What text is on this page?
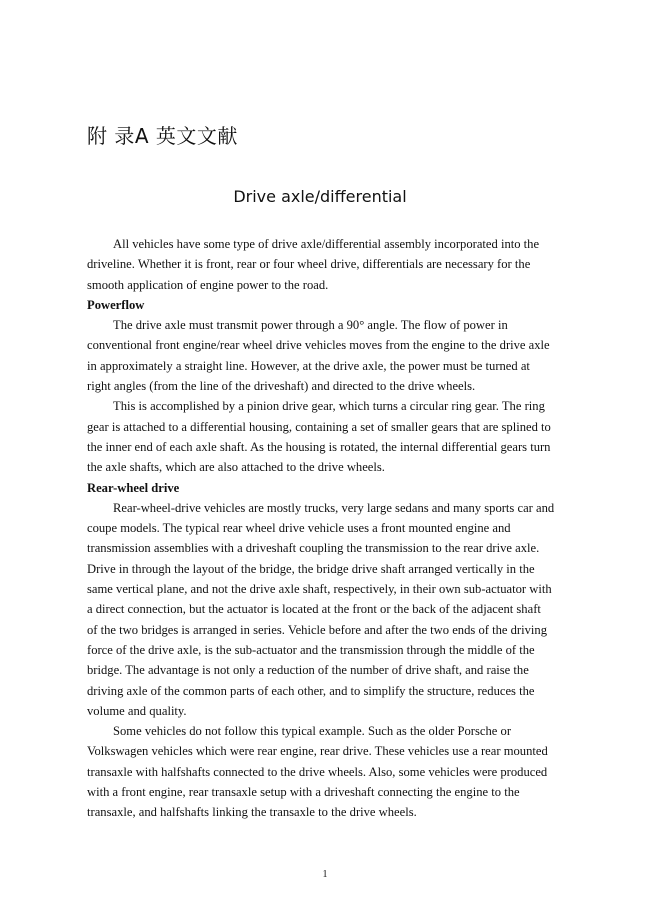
附 录A 英文文献
Drive axle/differential
All vehicles have some type of drive axle/differential assembly incorporated into the
driveline. Whether it is front, rear or four wheel drive, differentials are necessary for the
smooth application of engine power to the road.
Powerflow
The drive axle must transmit power through a 90° angle. The flow of power in
conventional front engine/rear wheel drive vehicles moves from the engine to the drive axle
in approximately a straight line. However, at the drive axle, the power must be turned at
right angles (from the line of the driveshaft) and directed to the drive wheels.
This is accomplished by a pinion drive gear, which turns a circular ring gear. The ring
gear is attached to a differential housing, containing a set of smaller gears that are splined to
the inner end of each axle shaft. As the housing is rotated, the internal differential gears turn
the axle shafts, which are also attached to the drive wheels.
Rear-wheel drive
Rear-wheel-drive vehicles are mostly trucks, very large sedans and many sports car and
coupe models. The typical rear wheel drive vehicle uses a front mounted engine and
transmission assemblies with a driveshaft coupling the transmission to the rear drive axle.
Drive in through the layout of the bridge, the bridge drive shaft arranged vertically in the
same vertical plane, and not the drive axle shaft, respectively, in their own sub-actuator with
a direct connection, but the actuator is located at the front or the back of the adjacent shaft
of the two bridges is arranged in series. Vehicle before and after the two ends of the driving
force of the drive axle, is the sub-actuator and the transmission through the middle of the
bridge. The advantage is not only a reduction of the number of drive shaft, and raise the
driving axle of the common parts of each other, and to simplify the structure, reduces the
volume and quality.
Some vehicles do not follow this typical example. Such as the older Porsche or
Volkswagen vehicles which were rear engine, rear drive. These vehicles use a rear mounted
transaxle with halfshafts connected to the drive wheels. Also, some vehicles were produced
with a front engine, rear transaxle setup with a driveshaft connecting the engine to the
transaxle, and halfshafts linking the transaxle to the drive wheels.
1
